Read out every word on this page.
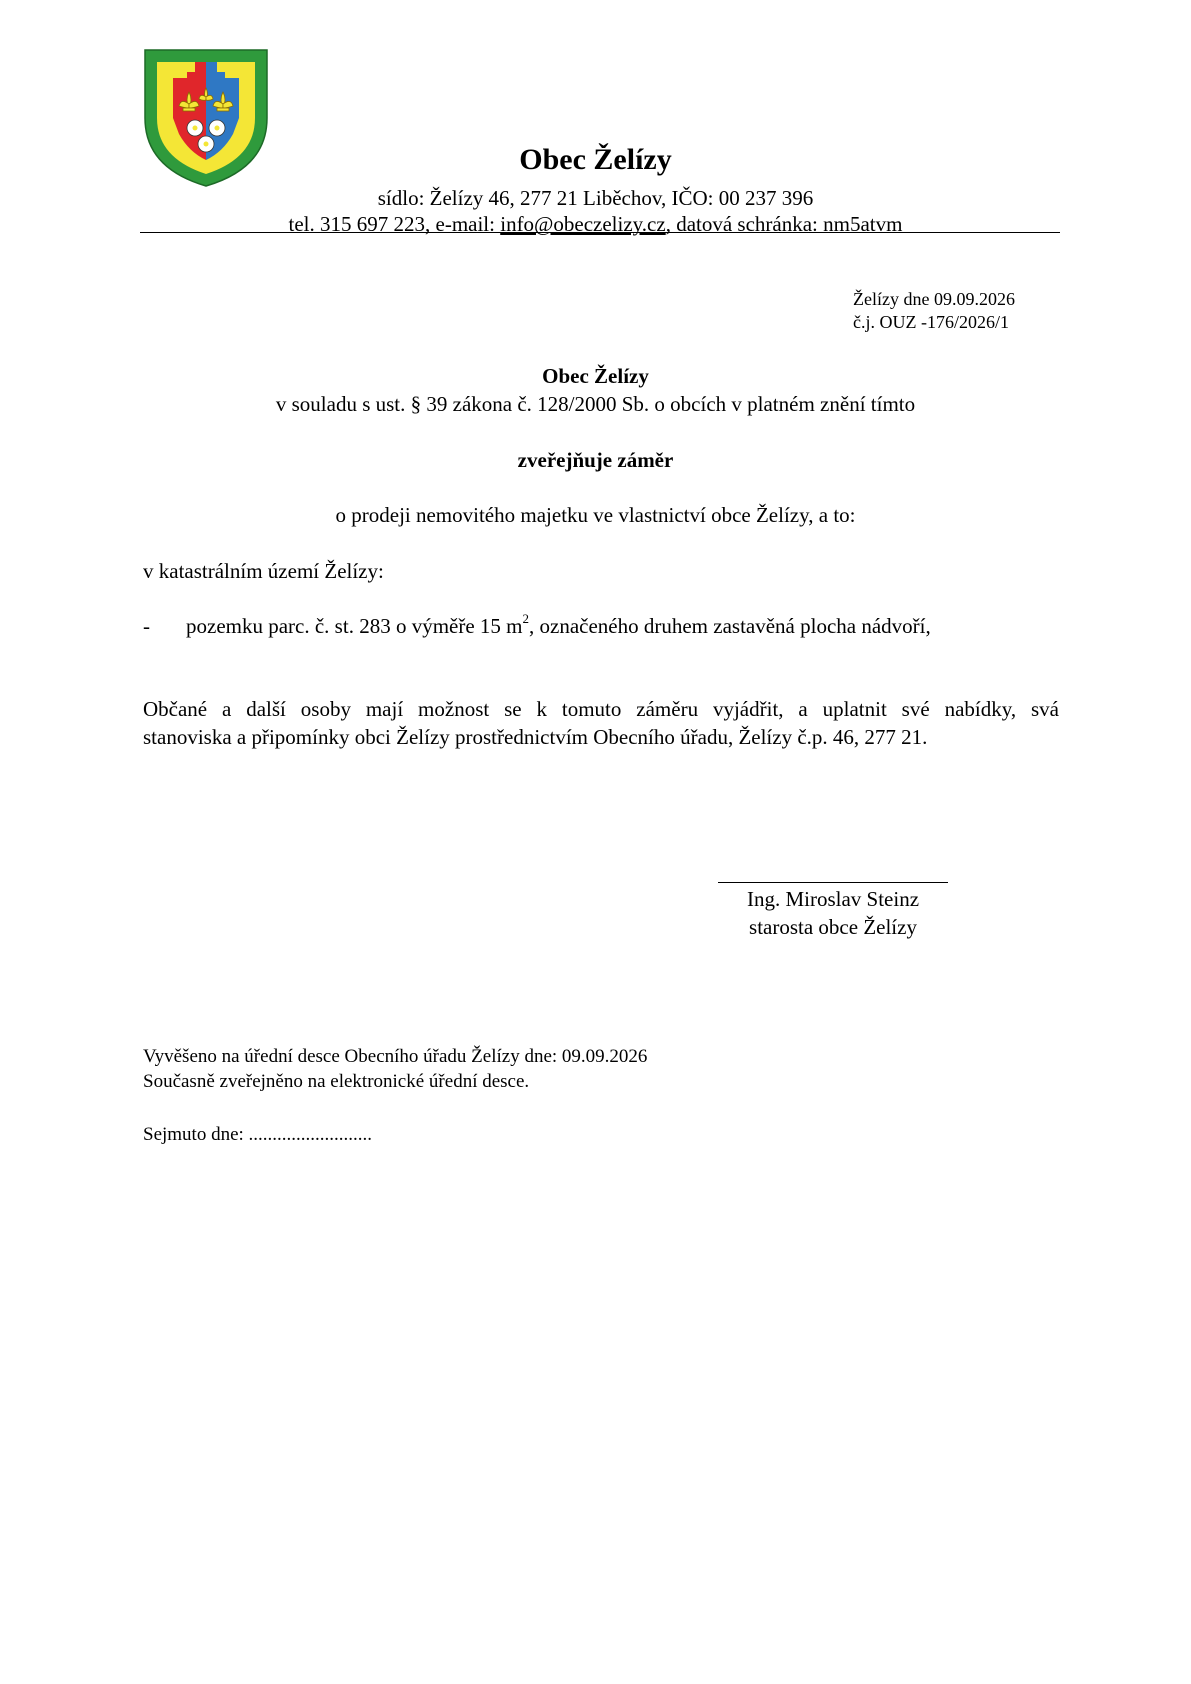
Obec Želízy
sídlo: Želízy 46, 277 21 Liběchov, IČO: 00 237 396
tel. 315 697 223, e-mail: info@obeczelizy.cz, datová schránka: nm5atvm
Želízy dne 09.09.2026
č.j. OUZ -176/2026/1
Obec Želízy
v souladu s ust. § 39 zákona č. 128/2000 Sb. o obcích v platném znění tímto
zveřejňuje záměr
o prodeji nemovitého majetku ve vlastnictví obce Želízy, a to:
v katastrálním území Želízy:
- pozemku parc. č. st. 283 o výměře 15 $m^2$, označeného druhem zastavěná plocha nádvoří,
Občané a další osoby mají možnost se k tomuto záměru vyjádřit, a uplatnit své nabídky, svá
stanoviska a připomínky obci Želízy prostřednictvím Obecního úřadu, Želízy č.p. 46, 277 21.
Ing. Miroslav Steinz
starosta obce Želízy
Vyvěšeno na úřední desce Obecního úřadu Želízy dne: 09.09.2026
Současně zveřejněno na elektronické úřední desce.
Sejmuto dne: ..........................
